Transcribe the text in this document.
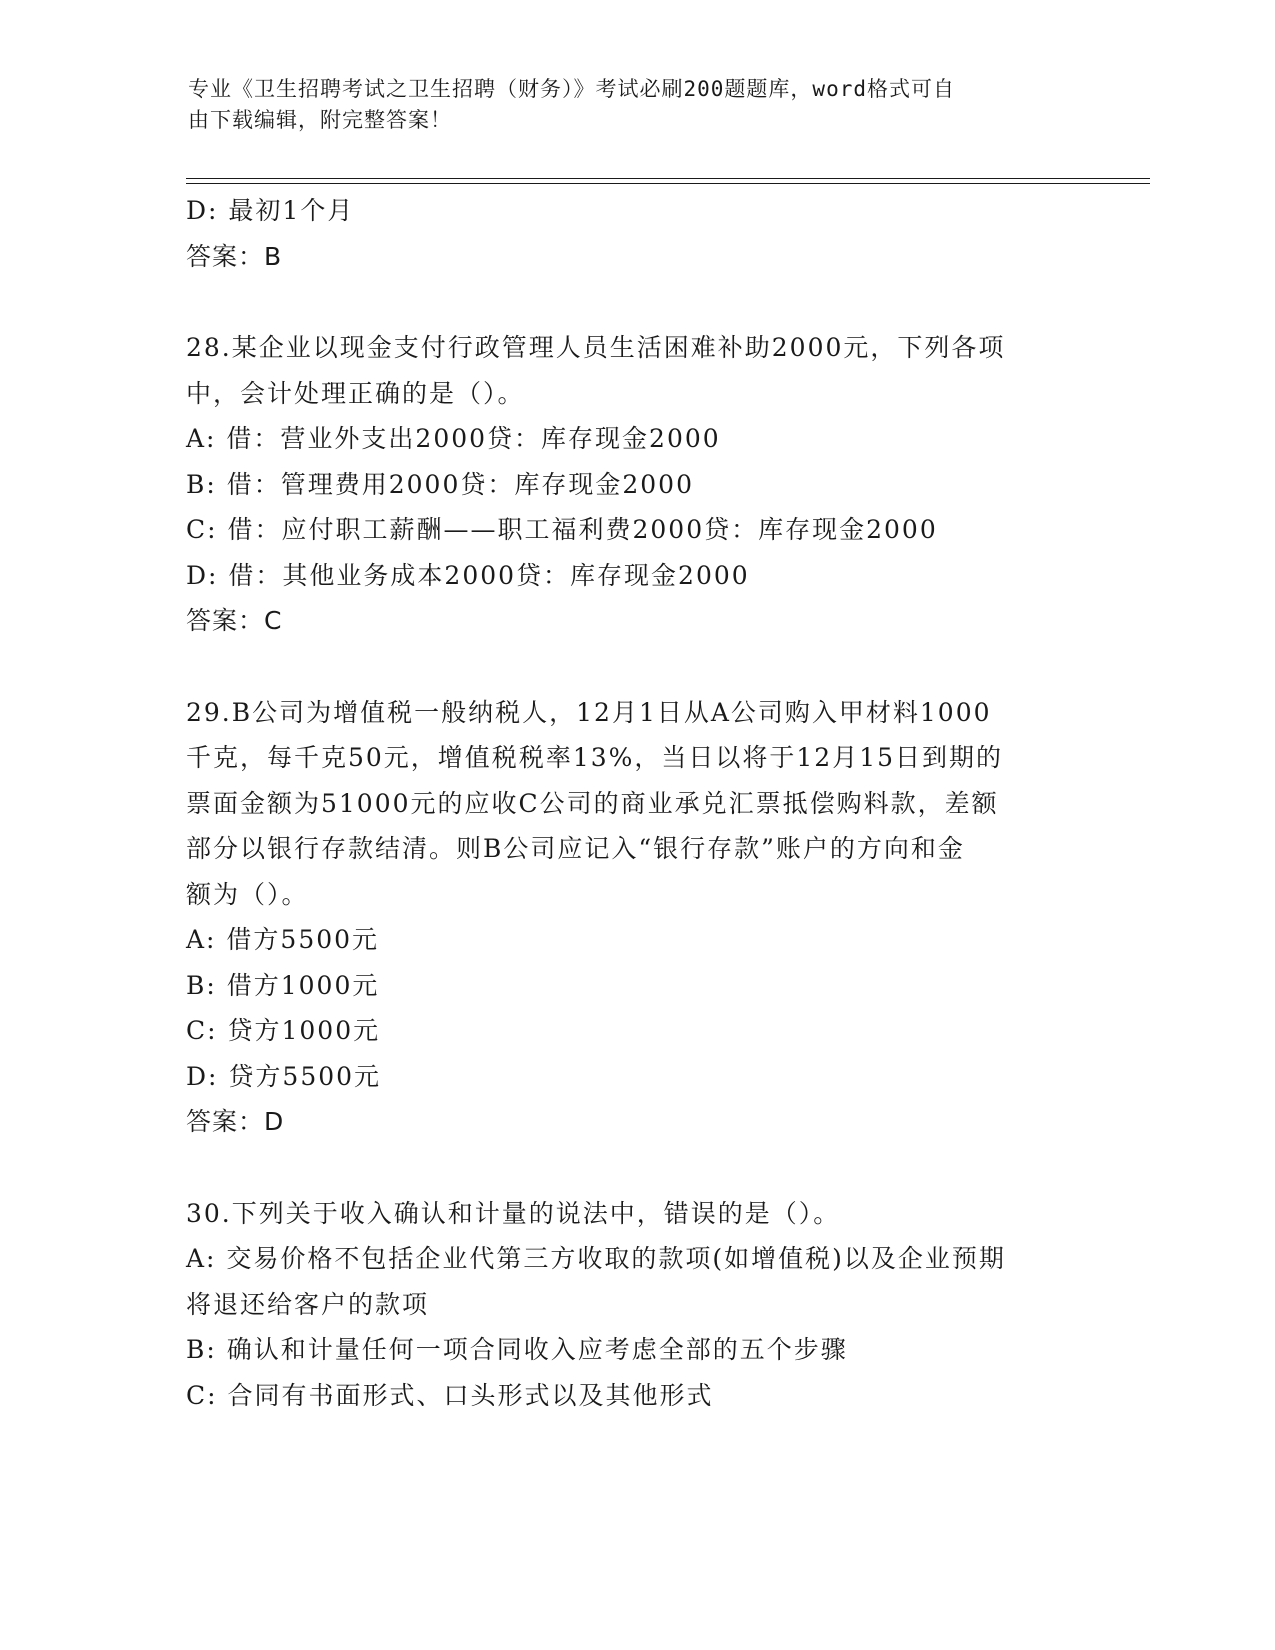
专业《卫生招聘考试之卫生招聘（财务）》考试必刷200题题库，word格式可自
由下载编辑，附完整答案！
D: 最初1个月
答案：B
28.某企业以现金支付行政管理人员生活困难补助2000元，下列各项
中，会计处理正确的是（）。
A: 借：营业外支出2000贷：库存现金2000
B: 借：管理费用2000贷：库存现金2000
C: 借：应付职工薪酬——职工福利费2000贷：库存现金2000
D: 借：其他业务成本2000贷：库存现金2000
答案：C
29.B公司为增值税一般纳税人，12月1日从A公司购入甲材料1000
千克，每千克50元，增值税税率13%，当日以将于12月15日到期的
票面金额为51000元的应收C公司的商业承兑汇票抵偿购料款，差额
部分以银行存款结清。则B公司应记入“银行存款”账户的方向和金
额为（）。
A: 借方5500元
B: 借方1000元
C: 贷方1000元
D: 贷方5500元
答案：D
30.下列关于收入确认和计量的说法中，错误的是（）。
A: 交易价格不包括企业代第三方收取的款项(如增值税)以及企业预期
将退还给客户的款项
B: 确认和计量任何一项合同收入应考虑全部的五个步骤
C: 合同有书面形式、口头形式以及其他形式
